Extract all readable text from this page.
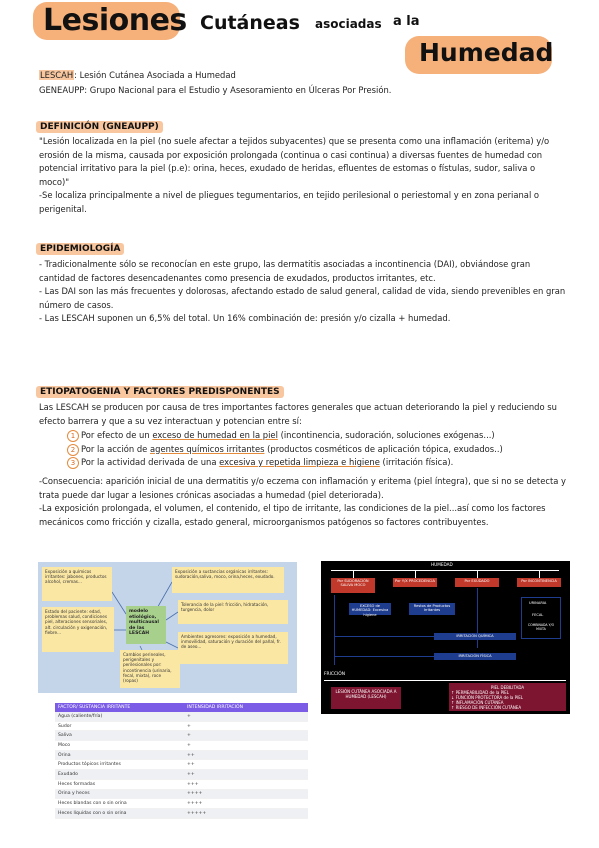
Lesiones Cutáneas asociadas a la
Humedad
LESCAH: Lesión Cutánea Asociada a Humedad
GENEAUPP: Grupo Nacional para el Estudio y Asesoramiento en Úlceras Por Presión.
DEFINICIÓN (GNEAUPP)

"Lesión localizada en la piel (no suele afectar a tejidos subyacentes) que se presenta como una inflamación (eritema) y/o erosión de la misma, causada por exposición prolongada (continua o casi continua) a diversas fuentes de humedad con potencial irritativo para la piel (p.e): orina, heces, exudado de heridas, efluentes de estomas o fístulas, sudor, saliva o moco)"

-Se localiza principalmente a nivel de pliegues tegumentarios, en tejido perilesional o periestomal y en zona perianal o perigenital.

EPIDEMIOLOGÍA

- Tradicionalmente sólo se reconocían en este grupo, las dermatitis asociadas a incontinencia (DAI), obviándose gran cantidad de factores desencadenantes como presencia de exudados, productos irritantes, etc.

- Las DAI son las más frecuentes y dolorosas, afectando estado de salud general, calidad de vida, siendo prevenibles en gran número de casos.

- Las LESCAH suponen un 6,5% del total. Un 16% combinación de: presión y/o cizalla + humedad.

ETIOPATOGENIA Y FACTORES PREDISPONENTES
Las LESCAH se producen por causa de tres importantes factores generales que actuan deteriorando la piel y reduciendo su efecto barrera y que a su vez interactuan y potencian entre sí:

1 Por efecto de un exceso de humedad en la piel (incontinencia, sudoración, soluciones exógenas...)

2 Por la acción de agentes químicos irritantes (productos cosméticos de aplicación tópica, exudados..)

3 Por la actividad derivada de una excesiva y repetida limpieza e higiene (irritación física).

-Consecuencia: aparición inicial de una dermatitis y/o eczema con inflamación y eritema (piel íntegra), que si no se detecta y trata puede dar lugar a lesiones crónicas asociadas a humedad (piel deteriorada).

-La exposición prolongada, el volumen, el contenido, el tipo de irritante, las condiciones de la piel...así como los factores mecánicos como fricción y cizalla, estado general, microorganismos patógenos so factores contribuyentes.

Exposición a químicos irritantes: jabones, productos alcohol, cremas...
Exposición a sustancias orgánicas irritantes: sudoración,saliva, moco, orina,heces, exudado.
Estado del paciente: edad, problemas salud, condiciones piel, alteraciones sensoriales, alt. circulación y oxigenación, fiebre...
modelo etiológico, multicausal de las LESCAH
Tolerancia de la piel: fricción, hidratación, turgencia, dolor
Cambios perineales, perigenitales y perilesionales por: incontinencia (urinaria, fecal, mixta), roce (ropas)
Ambientes agresores: exposición a humedad, inmovilidad, saturación y duración del pañal, fr. de aseo...
HUMEDAD
Por SUDORACIÓN SALIVA MOCO
Por Y/X PROCEDENCIA	Por EXUDADO	Por INCONTINENCIA
EXCESO de HUMEDAD: Excesiva higiene
Restos de Productos Irritantes
URINARIA
FECAL
COMBINADA Y/O MIXTA
IRRITACIÓN QUÍMICA
IRRITACIÓN FÍSICA
FRICCIÓN
LESIÓN CUTÁNEA ASOCIADA A HUMEDAD (LESCAH)
PIEL DEBILITADA
↑ PERMEABILIDAD de la PIEL
↓ FUNCIÓN PROTECTORA de la PIEL
↑ INFLAMACIÓN CUTÁNEA
↑ RIESGO DE INFECCIÓN CUTÁNEA
FACTOR/ SUSTANCIA IRRITANTE	INTENSIDAD IRRITACIÓN
Agua (caliente/fría)	+
Sudor	+
Saliva	+
Moco	+
Orina	++
Productos tópicos irritantes	++
Exudado	++
Heces formadas	+++
Orina y heces	++++
Heces blandas con o sin orina	++++
Heces líquidas con o sin orina	+++++
